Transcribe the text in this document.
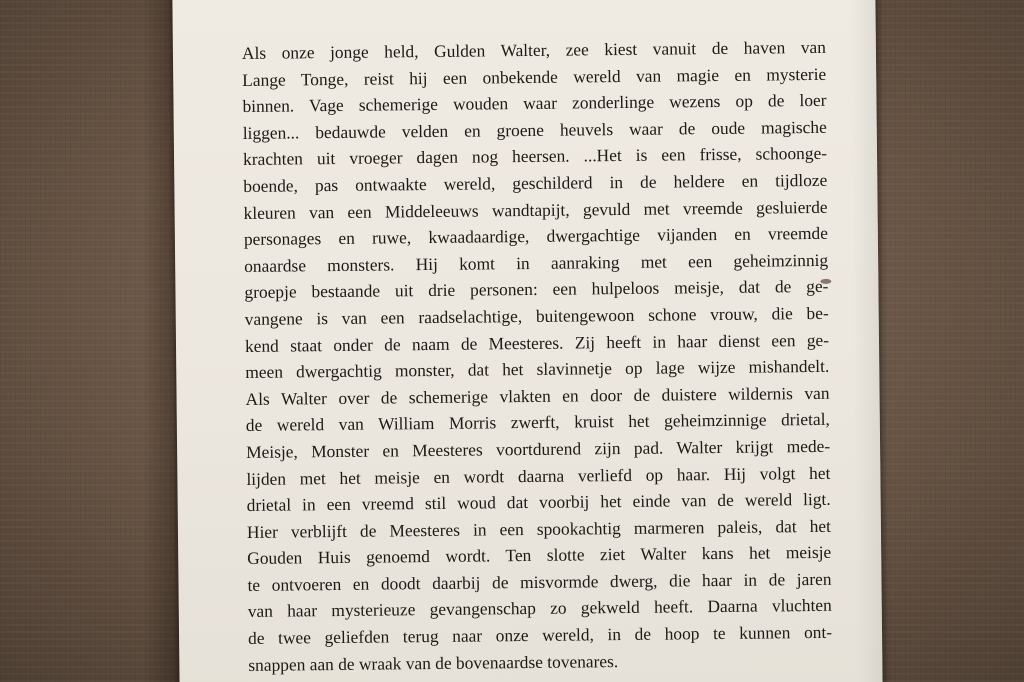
Als onze jonge held, Gulden Walter, zee kiest vanuit de haven van
Lange Tonge, reist hij een onbekende wereld van magie en mysterie
binnen. Vage schemerige wouden waar zonderlinge wezens op de loer
liggen... bedauwde velden en groene heuvels waar de oude magische
krachten uit vroeger dagen nog heersen. ...Het is een frisse, schoonge-
boende, pas ontwaakte wereld, geschilderd in de heldere en tijdloze
kleuren van een Middeleeuws wandtapijt, gevuld met vreemde gesluierde
personages en ruwe, kwaadaardige, dwergachtige vijanden en vreemde
onaardse monsters. Hij komt in aanraking met een geheimzinnig
groepje bestaande uit drie personen: een hulpeloos meisje, dat de ge-
vangene is van een raadselachtige, buitengewoon schone vrouw, die be-
kend staat onder de naam de Meesteres. Zij heeft in haar dienst een ge-
meen dwergachtig monster, dat het slavinnetje op lage wijze mishandelt.
Als Walter over de schemerige vlakten en door de duistere wildernis van
de wereld van William Morris zwerft, kruist het geheimzinnige drietal,
Meisje, Monster en Meesteres voortdurend zijn pad. Walter krijgt mede-
lijden met het meisje en wordt daarna verliefd op haar. Hij volgt het
drietal in een vreemd stil woud dat voorbij het einde van de wereld ligt.
Hier verblijft de Meesteres in een spookachtig marmeren paleis, dat het
Gouden Huis genoemd wordt. Ten slotte ziet Walter kans het meisje
te ontvoeren en doodt daarbij de misvormde dwerg, die haar in de jaren
van haar mysterieuze gevangenschap zo gekweld heeft. Daarna vluchten
de twee geliefden terug naar onze wereld, in de hoop te kunnen ont-
snappen aan de wraak van de bovenaardse tovenares.
